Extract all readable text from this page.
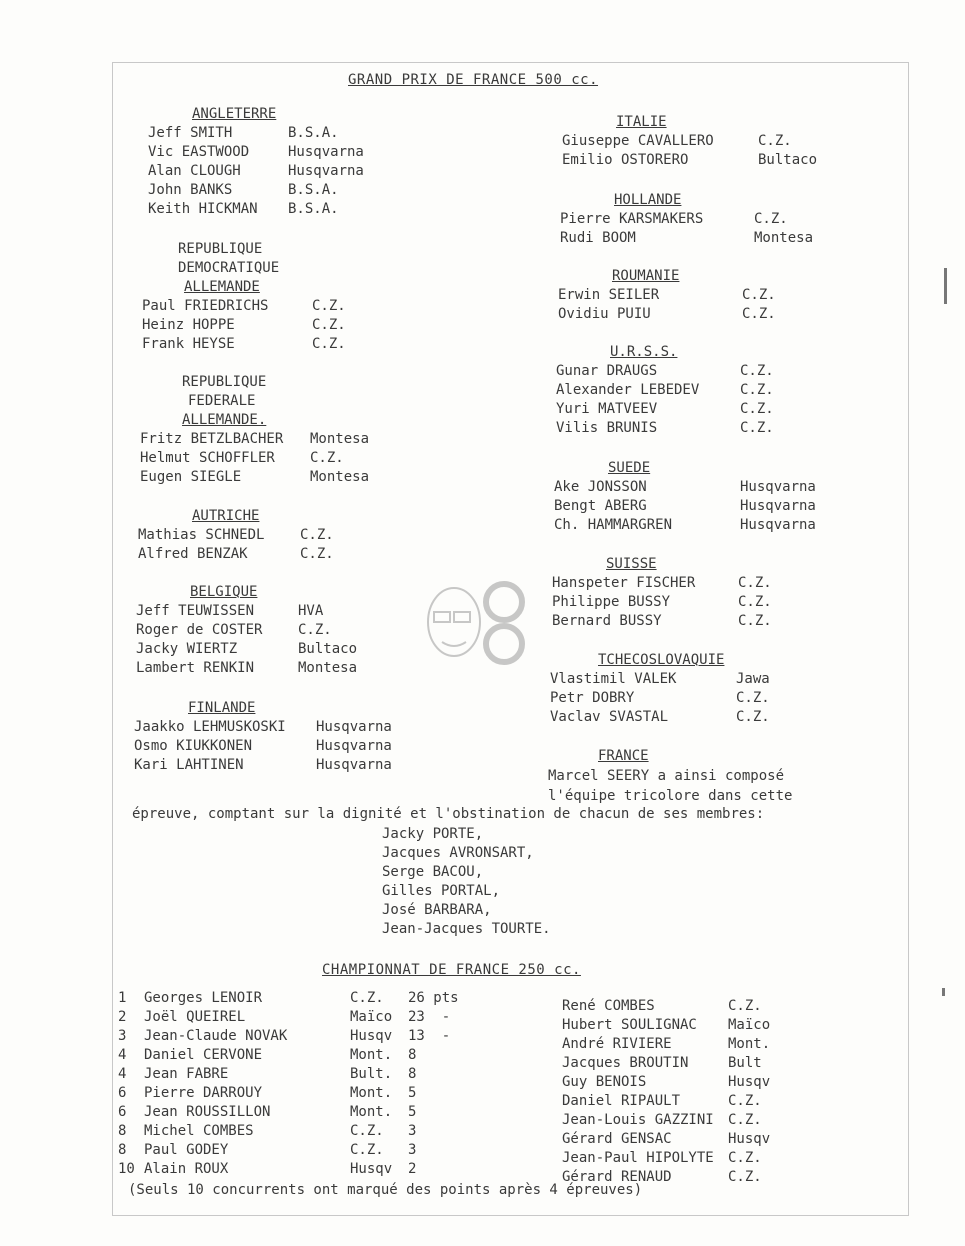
GRAND PRIX DE FRANCE 500 cc.
ANGLETERRE
Jeff SMITH	B.S.A.
Vic EASTWOOD	Husqvarna
Alan CLOUGH	Husqvarna
John BANKS	B.S.A.
Keith HICKMAN B.S.A.
REPUBLIQUE
DEMOCRATIQUE
ALLEMANDE
Paul FRIEDRICHS	C.Z.
Heinz HOPPE	C.Z.
Frank HEYSE	C.Z.
REPUBLIQUE
FEDERALE
ALLEMANDE.
Fritz BETZLBACHER Montesa
Helmut SCHOFFLER	C.Z.
Eugen SIEGLE	Montesa
AUTRICHE
Mathias SCHNEDL	C.Z.
Alfred BENZAK	C.Z.
BELGIQUE
Jeff TEUWISSEN	HVA
Roger de COSTER	C.Z.
Jacky WIERTZ	Bultaco
Lambert RENKIN	Montesa
FINLANDE
Jaakko LEHMUSKOSKI Husqvarna
Osmo KIUKKONEN	Husqvarna
Kari LAHTINEN	Husqvarna
ITALIE
Giuseppe CAVALLERO	C.Z.
Emilio OSTORERO	Bultaco
HOLLANDE
Pierre KARSMAKERS	C.Z.
Rudi BOOM	Montesa
ROUMANIE
Erwin SEILER	C.Z.
Ovidiu PUIU	C.Z.
U.R.S.S.
Gunar DRAUGS	C.Z.
Alexander LEBEDEV	C.Z.
Yuri MATVEEV	C.Z.
Vilis BRUNIS	C.Z.
SUEDE
Ake JONSSON	Husqvarna
Bengt ABERG	Husqvarna
Ch. HAMMARGREN	Husqvarna
SUISSE
Hanspeter FISCHER	C.Z.
Philippe BUSSY	C.Z.
Bernard BUSSY	C.Z.
TCHECOSLOVAQUIE
Vlastimil VALEK	Jawa
Petr DOBRY	C.Z.
Vaclav SVASTAL	C.Z.
FRANCE
Marcel SEERY a ainsi composé
l'équipe tricolore dans cette
épreuve, comptant sur la dignité et l'obstination de chacun de ses membres:
Jacky PORTE,
Jacques AVRONSART,
Serge BACOU,
Gilles PORTAL,
José BARBARA,
Jean-Jacques TOURTE.
CHAMPIONNAT DE FRANCE 250 cc.
1 Georges LENOIR	C.Z. 26 pts
2 Joël QUEIREL	Maïco 23  -
3 Jean-Claude NOVAK	Husqv 13  -
4 Daniel CERVONE	Mont. 8
4 Jean FABRE	Bult. 8
6 Pierre DARROUY	Mont. 5
6 Jean ROUSSILLON	Mont. 5
8 Michel COMBES	C.Z. 3
8 Paul GODEY	C.Z. 3
10 Alain ROUX	Husqv 2
René COMBES	C.Z.
Hubert SOULIGNAC Maïco
André RIVIERE	Mont.
Jacques BROUTIN	Bult
Guy BENOIS	Husqv
Daniel RIPAULT	C.Z.
Jean-Louis GAZZINI C.Z.
Gérard GENSAC	Husqv
Jean-Paul HIPOLYTE C.Z.
Gérard RENAUD	C.Z.
(Seuls 10 concurrents ont marqué des points après 4 épreuves)
